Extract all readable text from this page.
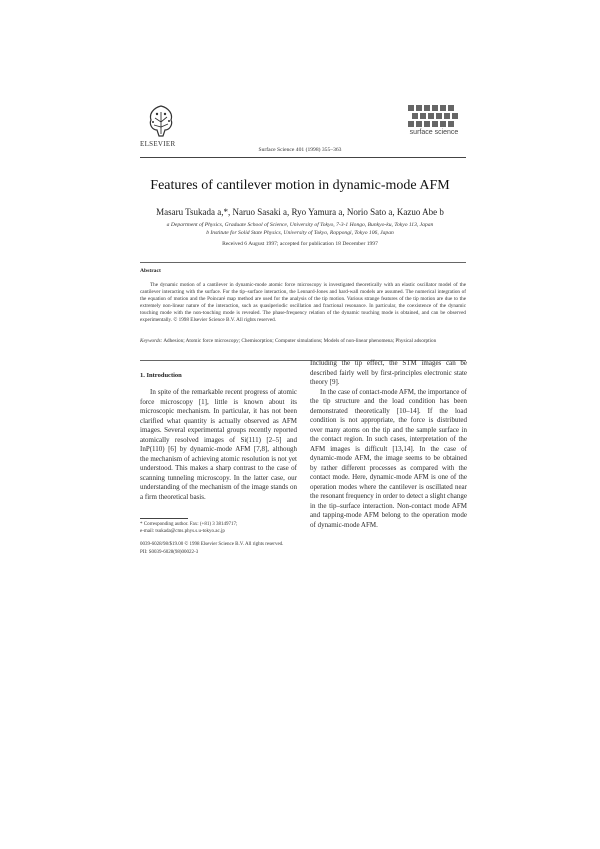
ELSEVIER
Surface Science 401 (1998) 355–363
surface science
Features of cantilever motion in dynamic-mode AFM
Masaru Tsukada a,*, Naruo Sasaki a, Ryo Yamura a, Norio Sato a, Kazuo Abe b
a Department of Physics, Graduate School of Science, University of Tokyo, 7-3-1 Hongo, Bunkyo-ku, Tokyo 113, Japan
b Institute for Solid State Physics, University of Tokyo, Roppongi, Tokyo 106, Japan
Received 6 August 1997; accepted for publication 18 December 1997
Abstract
The dynamic motion of a cantilever in dynamic-mode atomic force microscopy is investigated theoretically with an elastic oscillator model of the cantilever interacting with the surface. For the tip–surface interaction, the Lennard-Jones and hard-wall models are assumed. The numerical integration of the equation of motion and the Poincaré map method are used for the analysis of the tip motion. Various strange features of the tip motion are due to the extremely non-linear nature of the interaction, such as quasiperiodic oscillation and fractional resonance. In particular, the coexistence of the dynamic touching mode with the non-touching mode is revealed. The phase-frequency relation of the dynamic touching mode is obtained, and can be observed experimentally. © 1998 Elsevier Science B.V. All rights reserved.
Keywords: Adhesion; Atomic force microscopy; Chemisorption; Computer simulations; Models of non-linear phenomena; Physical adsorption
1. Introduction

In spite of the remarkable recent progress of atomic force microscopy [1], little is known about its microscopic mechanism. In particular, it has not been clarified what quantity is actually observed as AFM images. Several experimental groups recently reported atomically resolved images of Si(111) [2–5] and InP(110) [6] by dynamic-mode AFM [7,8], although the mechanism of achieving atomic resolution is not yet understood. This makes a sharp contrast to the case of scanning tunneling microscopy. In the latter case, our understanding of the mechanism of the image stands on a firm theoretical basis.

Including the tip effect, the STM images can be described fairly well by first-principles electronic state theory [9].

In the case of contact-mode AFM, the importance of the tip structure and the load condition has been demonstrated theoretically [10–14]. If the load condition is not appropriate, the force is distributed over many atoms on the tip and the sample surface in the contact region. In such cases, interpretation of the AFM images is difficult [13,14]. In the case of dynamic-mode AFM, the image seems to be obtained by rather different processes as compared with the contact mode. Here, dynamic-mode AFM is one of the operation modes where the cantilever is oscillated near the resonant frequency in order to detect a slight change in the tip–surface interaction. Non-contact mode AFM and tapping-mode AFM belong to the operation mode of dynamic-mode AFM.

* Corresponding author. Fax: (+81) 3 38149717;
e-mail: tsukada@cms.phys.s.u-tokyo.ac.jp
0039-6028/98/$19.00 © 1998 Elsevier Science B.V. All rights reserved.
PII: S0039-6028(98)00022-3
